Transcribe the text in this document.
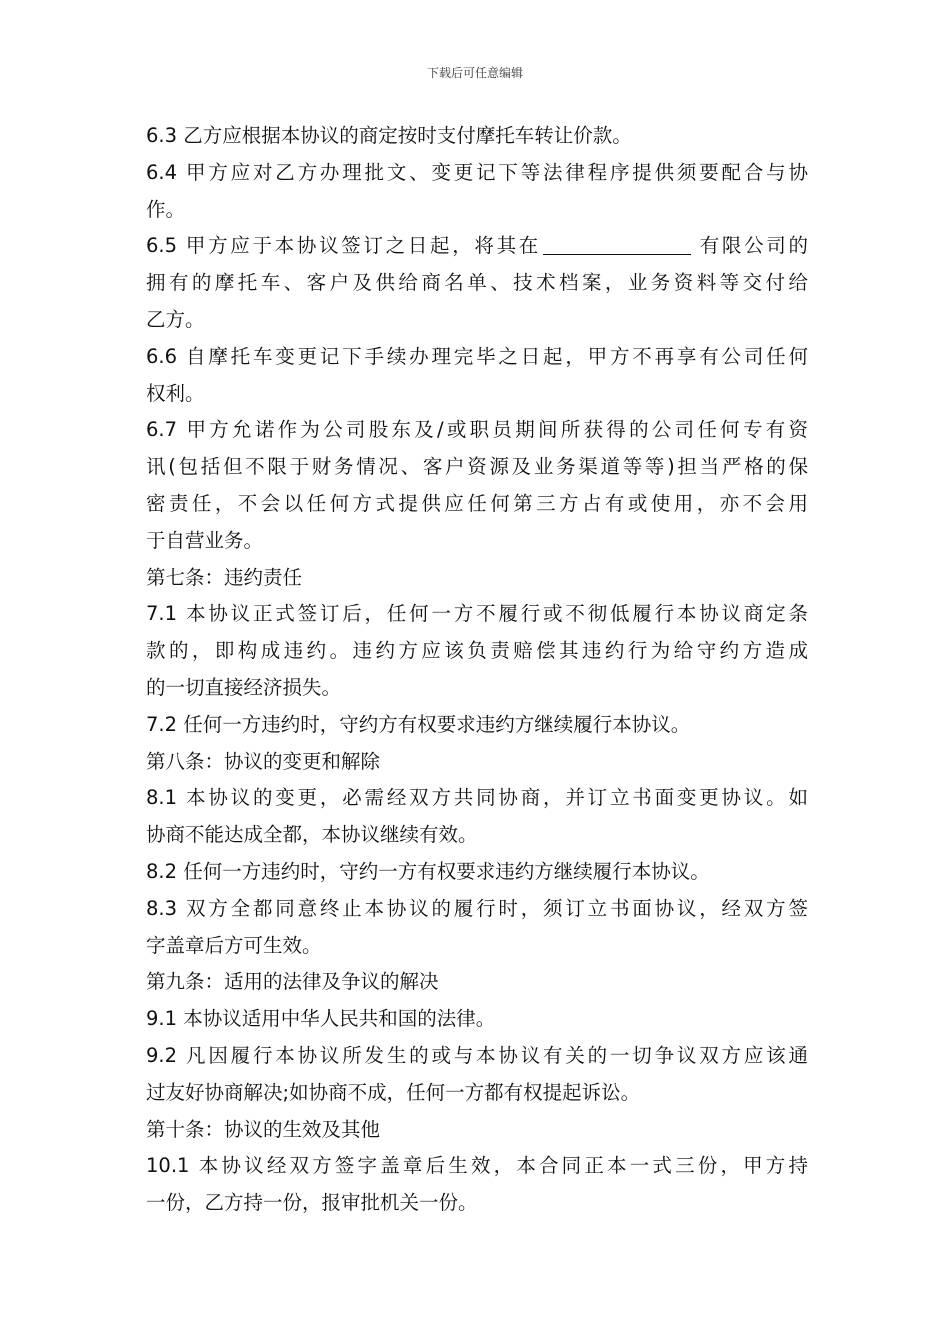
下载后可任意编辑
6.3 乙方应根据本协议的商定按时支付摩托车转让价款。
6.4 甲方应对乙方办理批文、变更记下等法律程序提供须要配合与协
作。
6.5 甲方应于本协议签订之日起，将其在	有限公司的
拥有的摩托车、客户及供给商名单、技术档案，业务资料等交付给
乙方。
6.6 自摩托车变更记下手续办理完毕之日起，甲方不再享有公司任何
权利。
6.7 甲方允诺作为公司股东及/或职员期间所获得的公司任何专有资
讯(包括但不限于财务情况、客户资源及业务渠道等等)担当严格的保
密责任，不会以任何方式提供应任何第三方占有或使用，亦不会用
于自营业务。
第七条：违约责任
7.1 本协议正式签订后，任何一方不履行或不彻低履行本协议商定条
款的，即构成违约。违约方应该负责赔偿其违约行为给守约方造成
的一切直接经济损失。
7.2 任何一方违约时，守约方有权要求违约方继续履行本协议。
第八条：协议的变更和解除
8.1 本协议的变更，必需经双方共同协商，并订立书面变更协议。如
协商不能达成全都，本协议继续有效。
8.2 任何一方违约时，守约一方有权要求违约方继续履行本协议。
8.3 双方全都同意终止本协议的履行时，须订立书面协议，经双方签
字盖章后方可生效。
第九条：适用的法律及争议的解决
9.1 本协议适用中华人民共和国的法律。
9.2 凡因履行本协议所发生的或与本协议有关的一切争议双方应该通
过友好协商解决;如协商不成，任何一方都有权提起诉讼。
第十条：协议的生效及其他
10.1 本协议经双方签字盖章后生效，本合同正本一式三份，甲方持
一份，乙方持一份，报审批机关一份。
